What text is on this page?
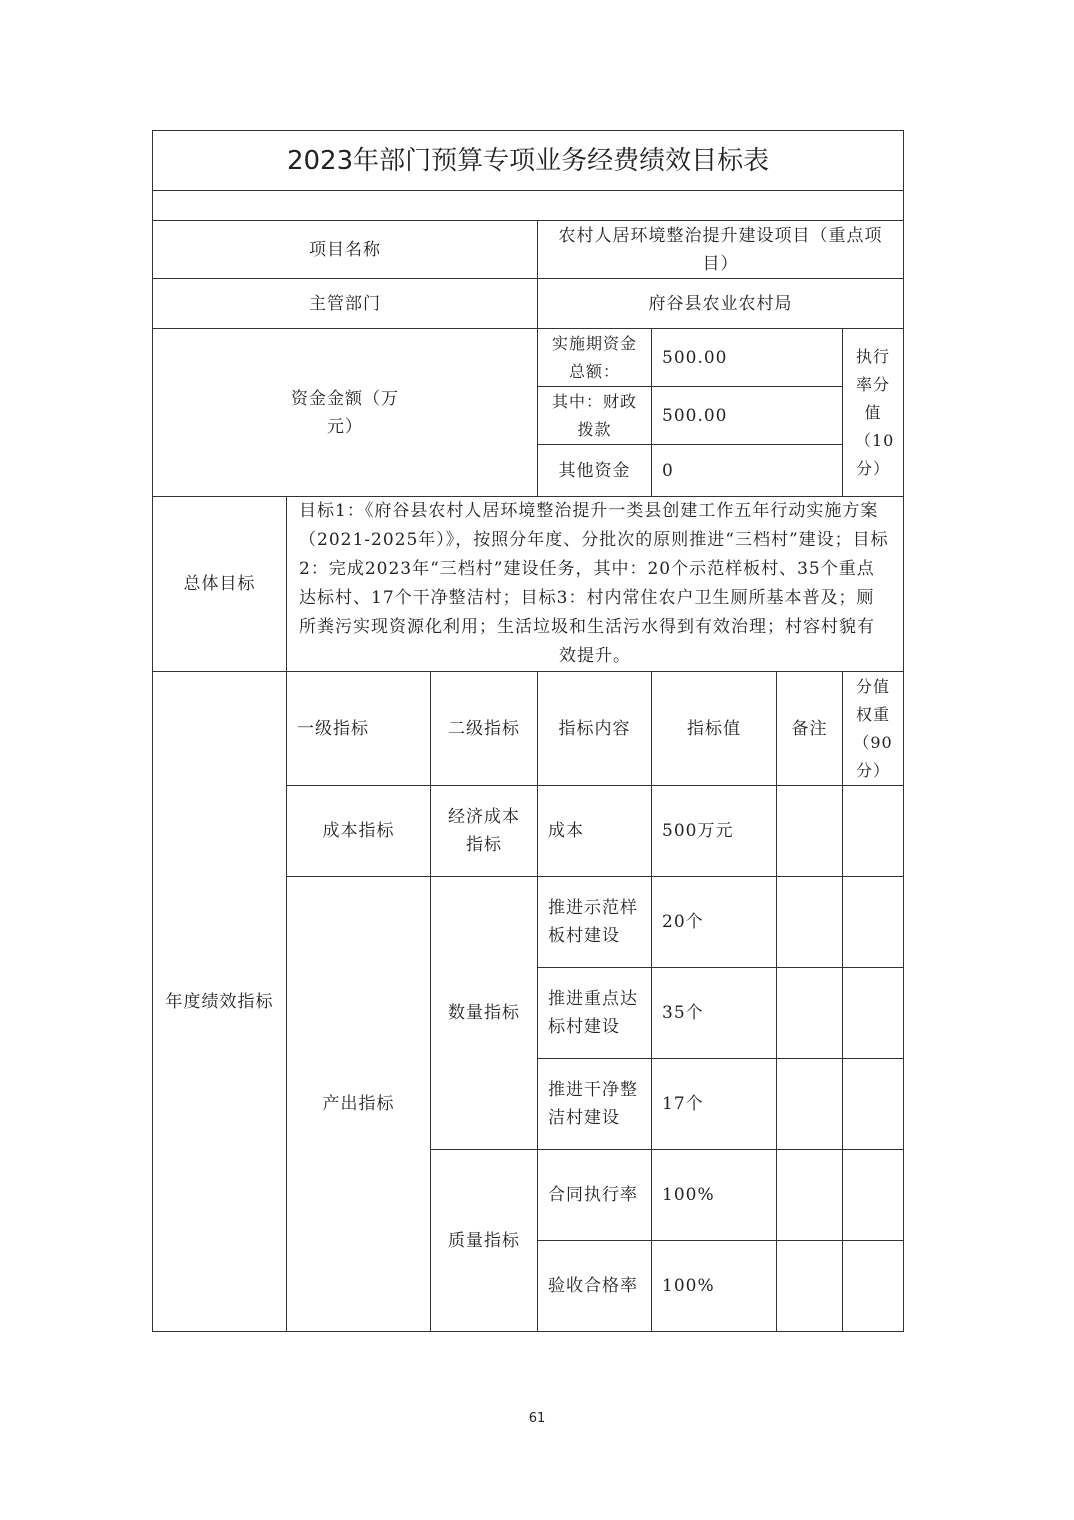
2023年部门预算专项业务经费绩效目标表						

项目名称			农村人居环境整治提升建设项目（重点项目）			
主管部门			府谷县农业农村局			
资金金额（万元）			实施期资金总额：	500.00		执行率分值（10分）
			其中：财政拨款	500.00		
			其他资金	0		
总体目标	目标1：《府谷县农村人居环境整治提升一类县创建工作五年行动实施方案（2021-2025年）》，按照分年度、分批次的原则推进“三档村”建设；目标2：完成2023年“三档村”建设任务，其中：20个示范样板村、35个重点达标村、17个干净整洁村；目标3：村内常住农户卫生厕所基本普及；厕所粪污实现资源化利用；生活垃圾和生活污水得到有效治理；村容村貌有效提升。					
年度绩效指标	一级指标	二级指标	指标内容	指标值	备注	分值权重（90分）
	成本指标	经济成本指标	成本	500万元		
	产出指标	数量指标	推进示范样板村建设	20个		
			推进重点达标村建设	35个		
			推进干净整洁村建设	17个		
		质量指标	合同执行率	100%		
			验收合格率	100%		
61
